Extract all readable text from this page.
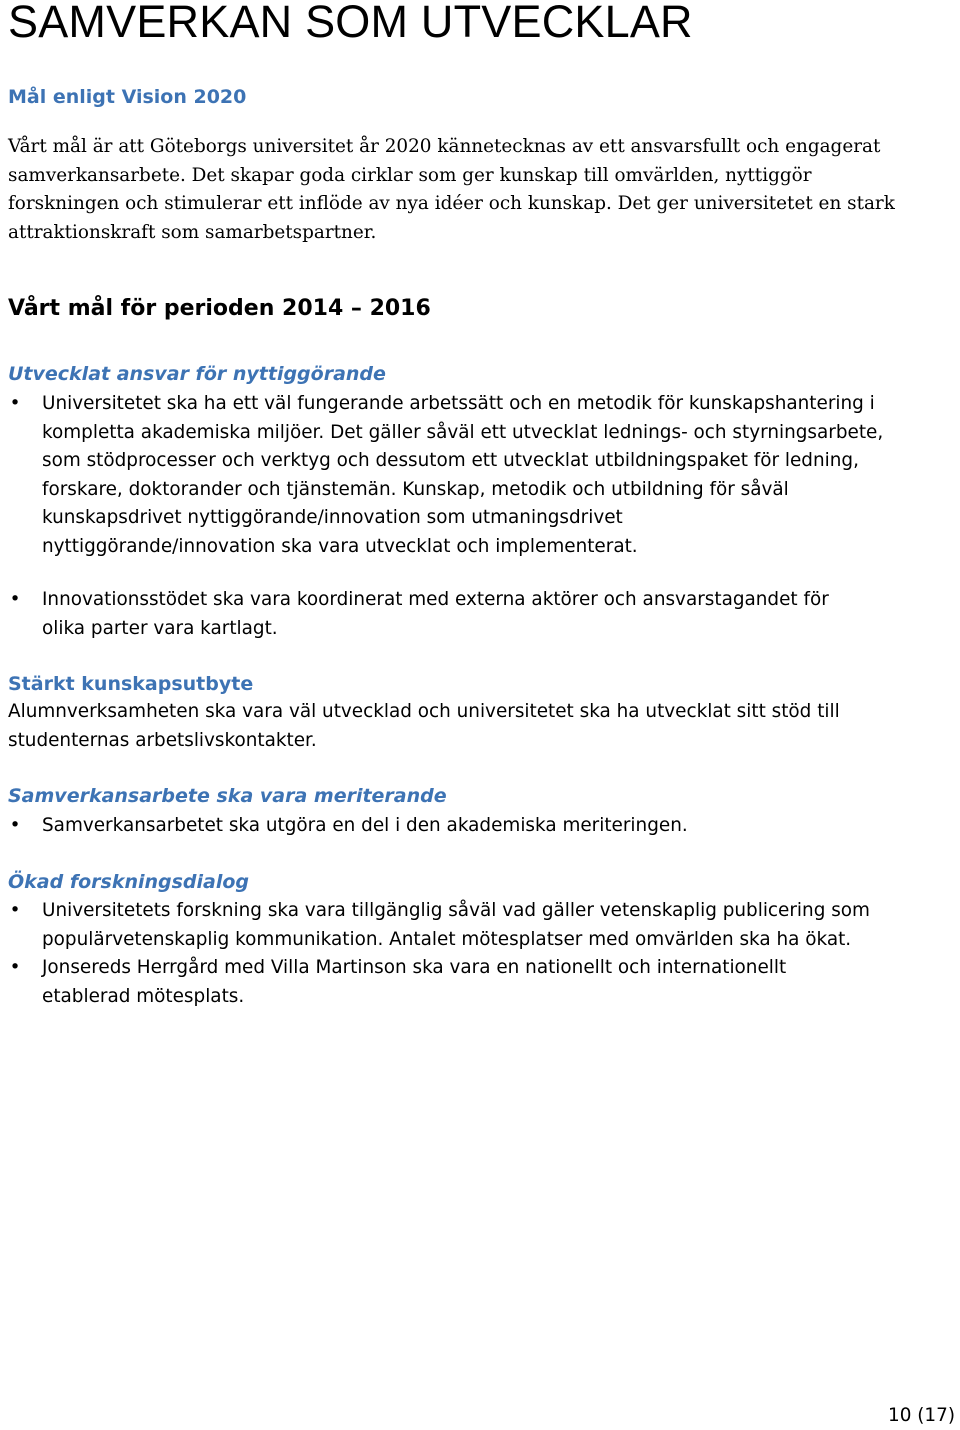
SAMVERKAN SOM UTVECKLAR
Mål enligt Vision 2020

Vårt mål är att Göteborgs universitet år 2020 kännetecknas av ett ansvarsfullt och engagerat
samverkansarbete. Det skapar goda cirklar som ger kunskap till omvärlden, nyttiggör
forskningen och stimulerar ett inflöde av nya idéer och kunskap. Det ger universitetet en stark
attraktionskraft som samarbetspartner.

Vårt mål för perioden 2014 – 2016
Utvecklat ansvar för nyttiggörande
• Universitetet ska ha ett väl fungerande arbetssätt och en metodik för kunskapshantering i
kompletta akademiska miljöer. Det gäller såväl ett utvecklat lednings- och styrningsarbete,
som stödprocesser och verktyg och dessutom ett utvecklat utbildningspaket för ledning,
forskare, doktorander och tjänstemän. Kunskap, metodik och utbildning för såväl
kunskapsdrivet nyttiggörande/innovation som utmaningsdrivet
nyttiggörande/innovation ska vara utvecklat och implementerat.
• Innovationsstödet ska vara koordinerat med externa aktörer och ansvarstagandet för
olika parter vara kartlagt.
Stärkt kunskapsutbyte

Alumnverksamheten ska vara väl utvecklad och universitetet ska ha utvecklat sitt stöd till
studenternas arbetslivskontakter.

Samverkansarbete ska vara meriterande
• Samverkansarbetet ska utgöra en del i den akademiska meriteringen.
Ökad forskningsdialog
• Universitetets forskning ska vara tillgänglig såväl vad gäller vetenskaplig publicering som
populärvetenskaplig kommunikation. Antalet mötesplatser med omvärlden ska ha ökat.
• Jonsereds Herrgård med Villa Martinson ska vara en nationellt och internationellt
etablerad mötesplats.
10 (17)
